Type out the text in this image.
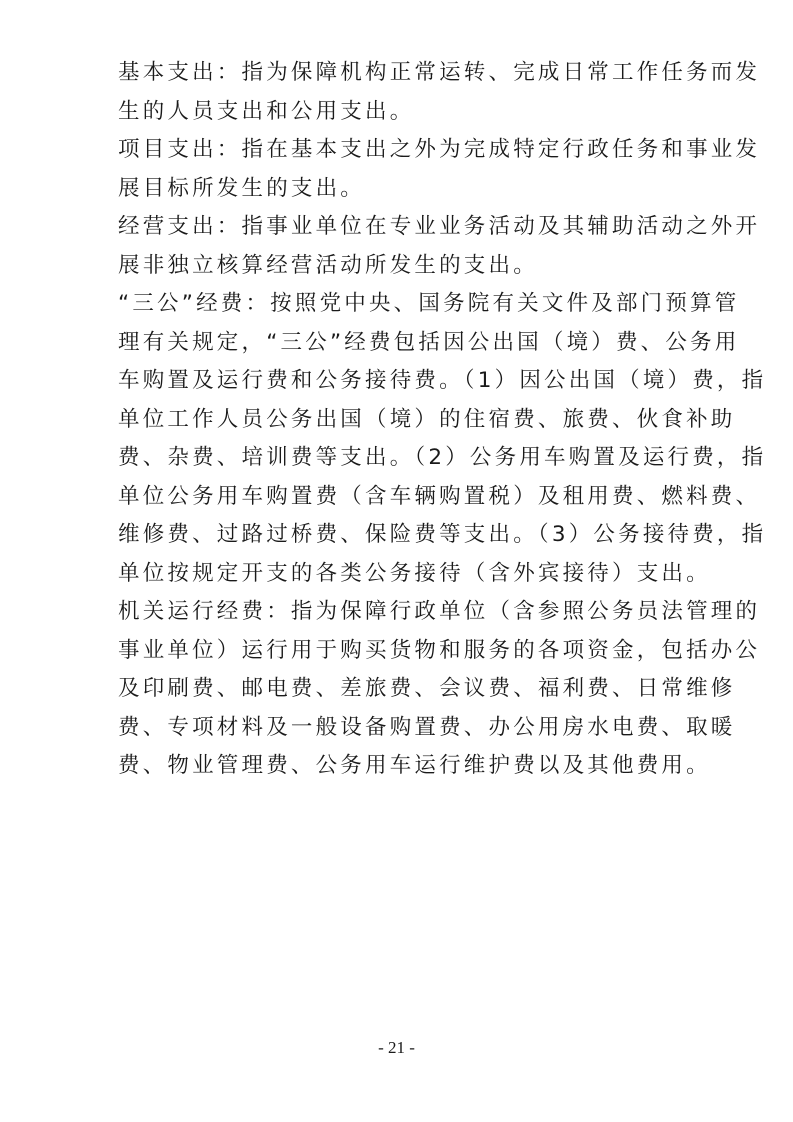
基本支出：指为保障机构正常运转、完成日常工作任务而发
生的人员支出和公用支出。
项目支出：指在基本支出之外为完成特定行政任务和事业发
展目标所发生的支出。
经营支出：指事业单位在专业业务活动及其辅助活动之外开
展非独立核算经营活动所发生的支出。
“三公”经费：按照党中央、国务院有关文件及部门预算管
理有关规定，“三公”经费包括因公出国（境）费、公务用
车购置及运行费和公务接待费。（1）因公出国（境）费，指
单位工作人员公务出国（境）的住宿费、旅费、伙食补助
费、杂费、培训费等支出。（2）公务用车购置及运行费，指
单位公务用车购置费（含车辆购置税）及租用费、燃料费、
维修费、过路过桥费、保险费等支出。（3）公务接待费，指
单位按规定开支的各类公务接待（含外宾接待）支出。
机关运行经费：指为保障行政单位（含参照公务员法管理的
事业单位）运行用于购买货物和服务的各项资金，包括办公
及印刷费、邮电费、差旅费、会议费、福利费、日常维修
费、专项材料及一般设备购置费、办公用房水电费、取暖
费、物业管理费、公务用车运行维护费以及其他费用。
- 21 -
